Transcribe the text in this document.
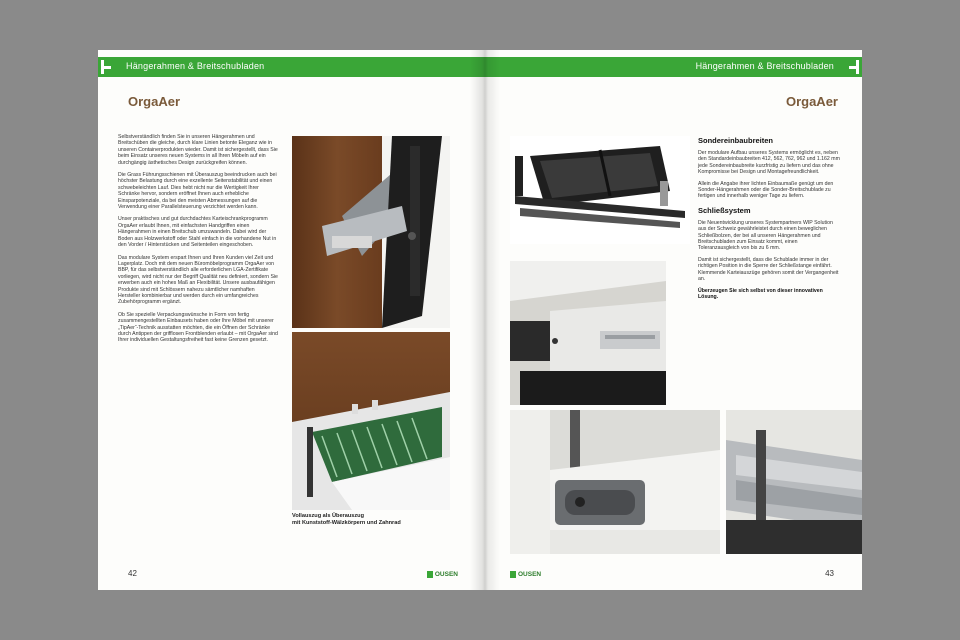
Hängerahmen & Breitschubladen
OrgaAer

Selbstverständlich finden Sie in unseren Hängerahmen und Breitschüben die gleiche, durch klare Linien betonte Eleganz wie in unseren Containerprodukten wieder. Damit ist sichergestellt, dass Sie beim Einsatz unseres neuen Systems in all Ihren Möbeln auf ein durchgängig ästhetisches Design zurückgreifen können.

Die Grass Führungsschienen mit Überauszug beeindrucken auch bei höchster Belastung durch eine exzellente Seitenstabilität und einen schwebeleichten Lauf. Dies hebt nicht nur die Wertigkeit Ihrer Schränke hervor, sondern eröffnet Ihnen auch erhebliche Einsparpotenziale, da bei den meisten Abmessungen auf die Verwendung einer Parallelsteuerung verzichtet werden kann.

Unser praktisches und gut durchdachtes Karteischrankprogramm OrgaAer erlaubt Ihnen, mit einfachsten Handgriffen einen Hängerahmen in einen Breitschub umzuwandeln. Dabei wird der Boden aus Holzwerkstoff oder Stahl einfach in die vorhandene Nut in den Vorder / Hinterstücken und Seitenteilen eingeschoben.

Das modulare System erspart Ihnen und Ihren Kunden viel Zeit und Lagerplatz. Doch mit dem neuen Büromöbelprogramm OrgaAer von BBP, für das selbstverständlich alle erforderlichen LGA-Zertifikate vorliegen, wird nicht nur der Begriff Qualität neu definiert, sondern Sie erwerben auch ein hohes Maß an Flexibilität. Unsere ausbaufähigen Produkte sind mit Schlössern nahezu sämtlicher namhaften Hersteller kombinierbar und werden durch ein umfangreiches Zubehörprogramm ergänzt.

Ob Sie spezielle Verpackungswünsche in Form von fertig zusammengestellten Einbausets haben oder Ihre Möbel mit unserer „TipAer“-Technik ausstatten möchten, die ein Öffnen der Schränke durch Antippen der grifflosen Frontblenden erlaubt – mit OrgaAer sind Ihrer individuellen Gestaltungsfreiheit fast keine Grenzen gesetzt.

Vollauszug als Überauszug
mit Kunststoff-Wälzkörpern und Zahnrad
42	OUSEN
Hängerahmen & Breitschubladen
OrgaAer
Sondereinbaubreiten
Der modulare Aufbau unseres Systems ermöglicht es, neben den Standardeinbaubreiten 412, 562, 762, 962 und 1.162 mm jede Sondereinbaubreite kurzfristig zu liefern und das ohne Kompromisse bei Design und Montagefreundlichkeit.
Allein die Angabe ihrer lichten Einbaumaße genügt um den Sonder-Hängerahmen oder die Sonder-Breitschublade zu fertigen und innerhalb weniger Tage zu liefern.
Schließsystem
Die Neuentwicklung unseres Systempartners WIP Solution aus der Schweiz gewährleistet durch einen beweglichen Schließbolzen, der bei all unseren Hängerahmen und Breitschubladen zum Einsatz kommt, einen Toleranzausgleich von bis zu 6 mm.
Damit ist sichergestellt, dass die Schublade immer in der richtigen Position in die Sperre der Schließstange einfährt. Klemmende Karteiauszüge gehören somit der Vergangenheit an.
Überzeugen Sie sich selbst von dieser innovativen Lösung.
OUSEN	43
